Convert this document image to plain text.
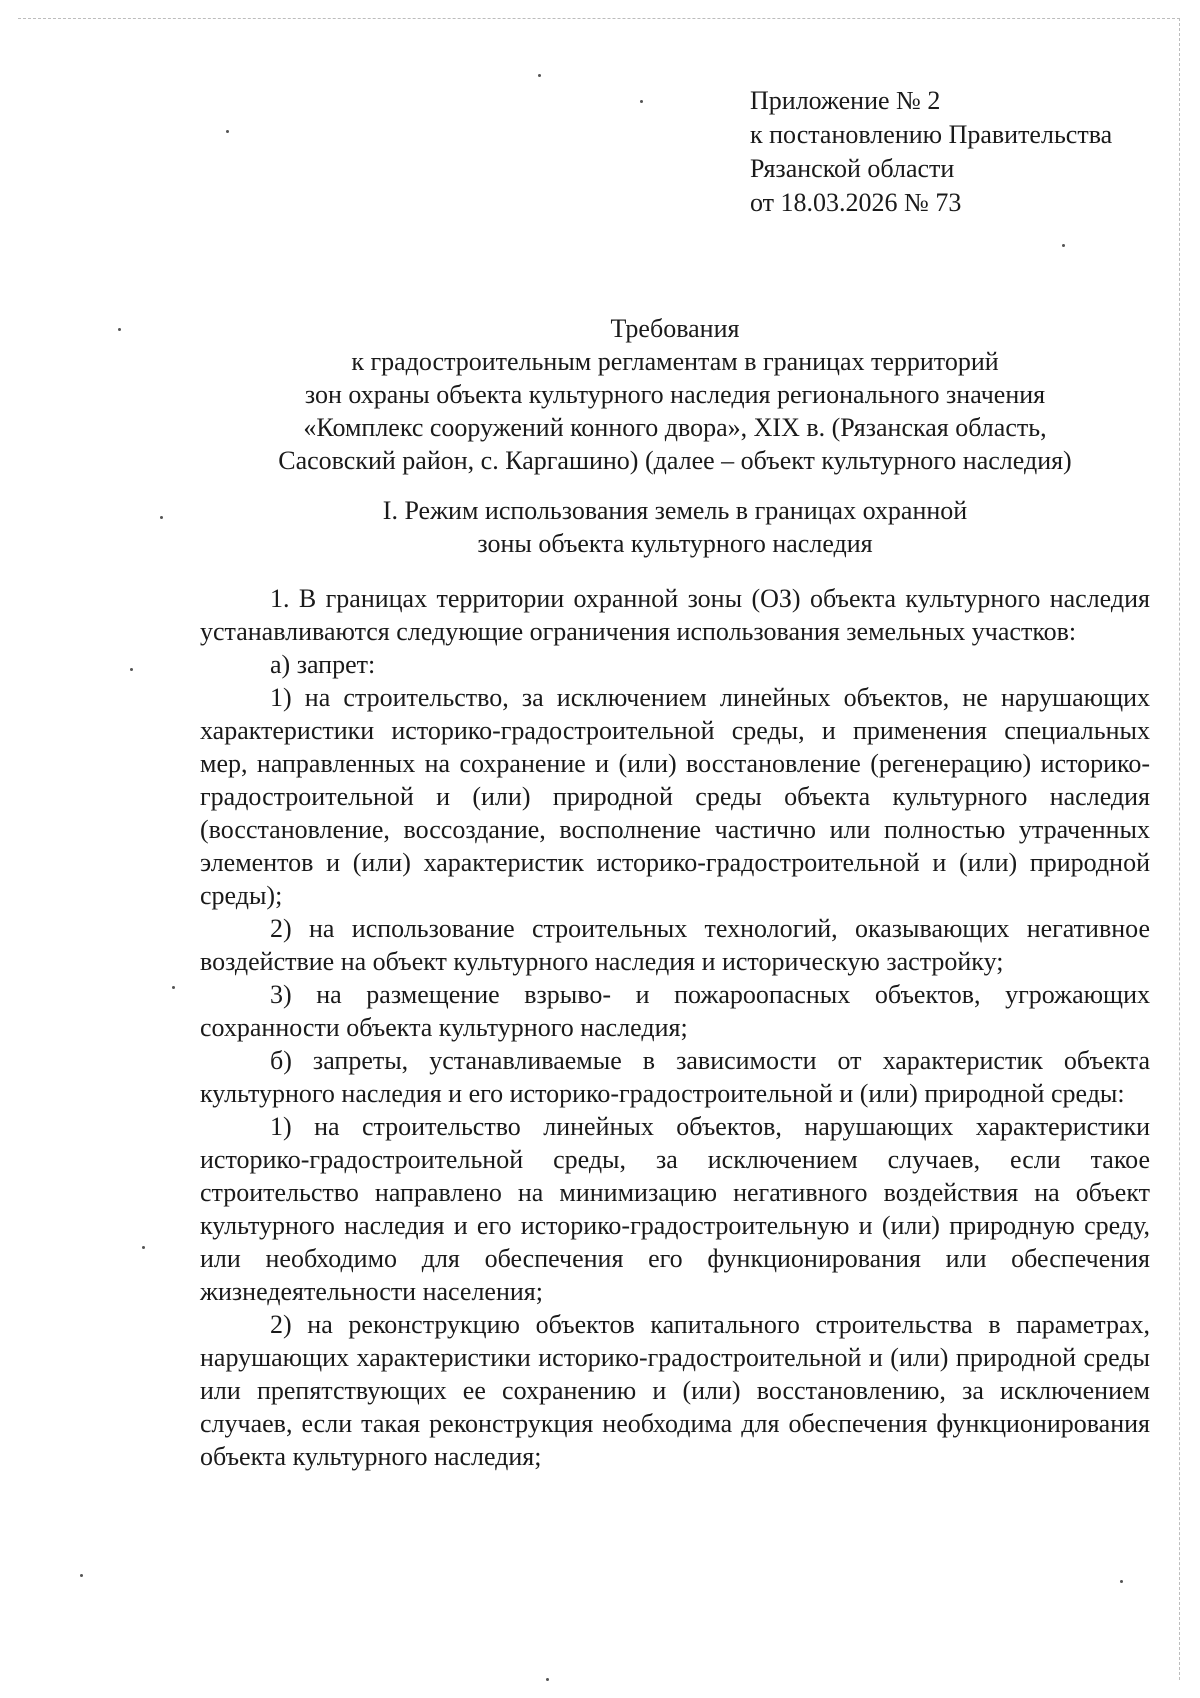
Приложение № 2
к постановлению Правительства
Рязанской области
от 18.03.2026 № 73
Требования
к градостроительным регламентам в границах территорий
зон охраны объекта культурного наследия регионального значения
«Комплекс сооружений конного двора», XIX в. (Рязанская область,
Сасовский район, с. Каргашино) (далее – объект культурного наследия)
I. Режим использования земель в границах охранной
зоны объекта культурного наследия

1. В границах территории охранной зоны (ОЗ) объекта культурного наследия устанавливаются следующие ограничения использования земельных участков:

а) запрет:

1) на строительство, за исключением линейных объектов, не нарушающих характеристики историко-градостроительной среды, и применения специальных мер, направленных на сохранение и (или) восстановление (регенерацию) историко-градостроительной и (или) природной среды объекта культурного наследия (восстановление, воссоздание, восполнение частично или полностью утраченных элементов и (или) характеристик историко-градостроительной и (или) природной среды);

2) на использование строительных технологий, оказывающих негативное воздействие на объект культурного наследия и историческую застройку;

3) на размещение взрыво- и пожароопасных объектов, угрожающих сохранности объекта культурного наследия;

б) запреты, устанавливаемые в зависимости от характеристик объекта культурного наследия и его историко-градостроительной и (или) природной среды:

1) на строительство линейных объектов, нарушающих характеристики историко-градостроительной среды, за исключением случаев, если такое строительство направлено на минимизацию негативного воздействия на объект культурного наследия и его историко-градостроительную и (или) природную среду, или необходимо для обеспечения его функционирования или обеспечения жизнедеятельности населения;

2) на реконструкцию объектов капитального строительства в параметрах, нарушающих характеристики историко-градостроительной и (или) природной среды или препятствующих ее сохранению и (или) восстановлению, за исключением случаев, если такая реконструкция необходима для обеспечения функционирования объекта культурного наследия;
